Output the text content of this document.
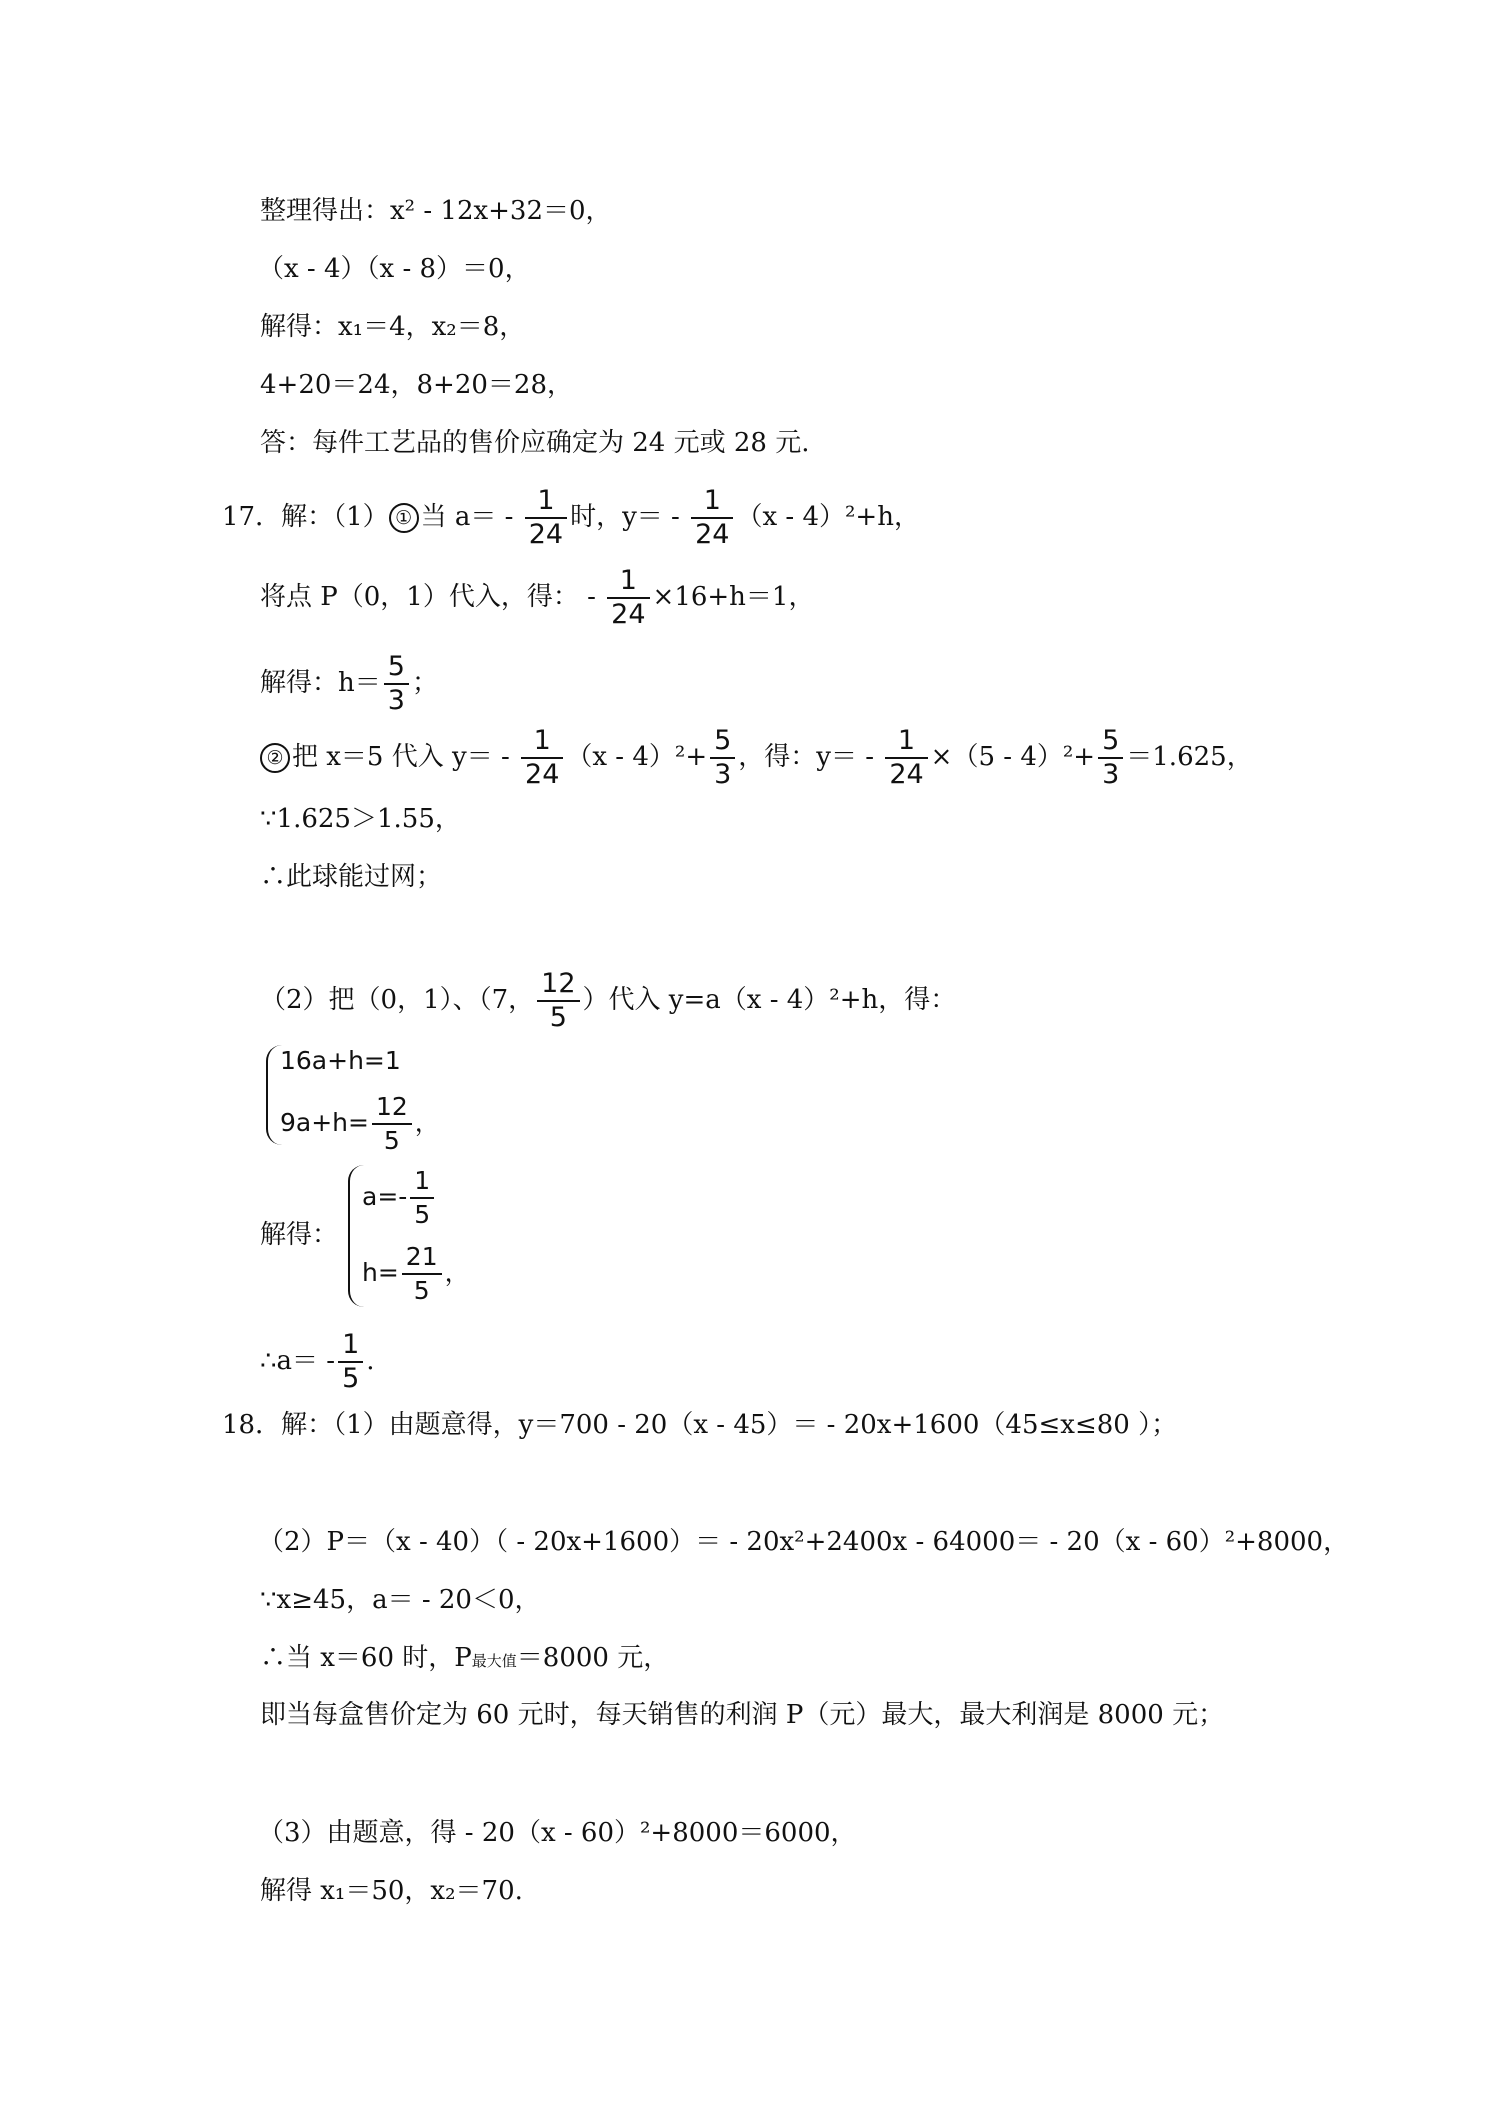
整理得出：x² - 12x+32＝0，
（x - 4）（x - 8）＝0，
解得：x₁＝4，x₂＝8，
4+20＝24，8+20＝28，
答：每件工艺品的售价应确定为 24 元或 28 元.
17．解：（1） ① 当 $a= - \frac{1}{24}$ 时，$y= - \frac{1}{24} (x - 4)^2+h$，
将点 P（0，1）代入，得： - $\frac{1}{24} \times 16+h=1$，
解得：$h= \frac{5}{3}$ ；
② 把 x＝5 代入 $y= - \frac{1}{24} (x - 4)^2+ \frac{5}{3}$ ，得：$y= - \frac{1}{24} \times(5 - 4)^2+ \frac{5}{3} =1.625$，
∵1.625＞1.55，
∴此球能过网；
（2）把（0，1）、（7， $\frac{12}{5}$ ）代入 y=a（x - 4）²+h，得：
16a+h=1
$9a+h= \frac{12}{5}$ ，
解得：
$a=- \frac{1}{5}$
$h= \frac{21}{5}$ ，
∴a＝ - $\frac{1}{5}$ .
18．解：（1）由题意得，y＝700 - 20（x - 45）＝ - 20x+1600（45≤x≤80 ）；
（2）P＝（x - 40）（ - 20x+1600）＝ - 20x²+2400x - 64000＝ - 20（x - 60）²+8000，
∵x≥45，a＝ - 20＜0，
∴当 x＝60 时，P最大值＝8000 元，
即当每盒售价定为 60 元时，每天销售的利润 P（元）最大，最大利润是 8000 元；
（3）由题意，得 - 20（x - 60）²+8000＝6000，
解得 x₁＝50，x₂＝70.
